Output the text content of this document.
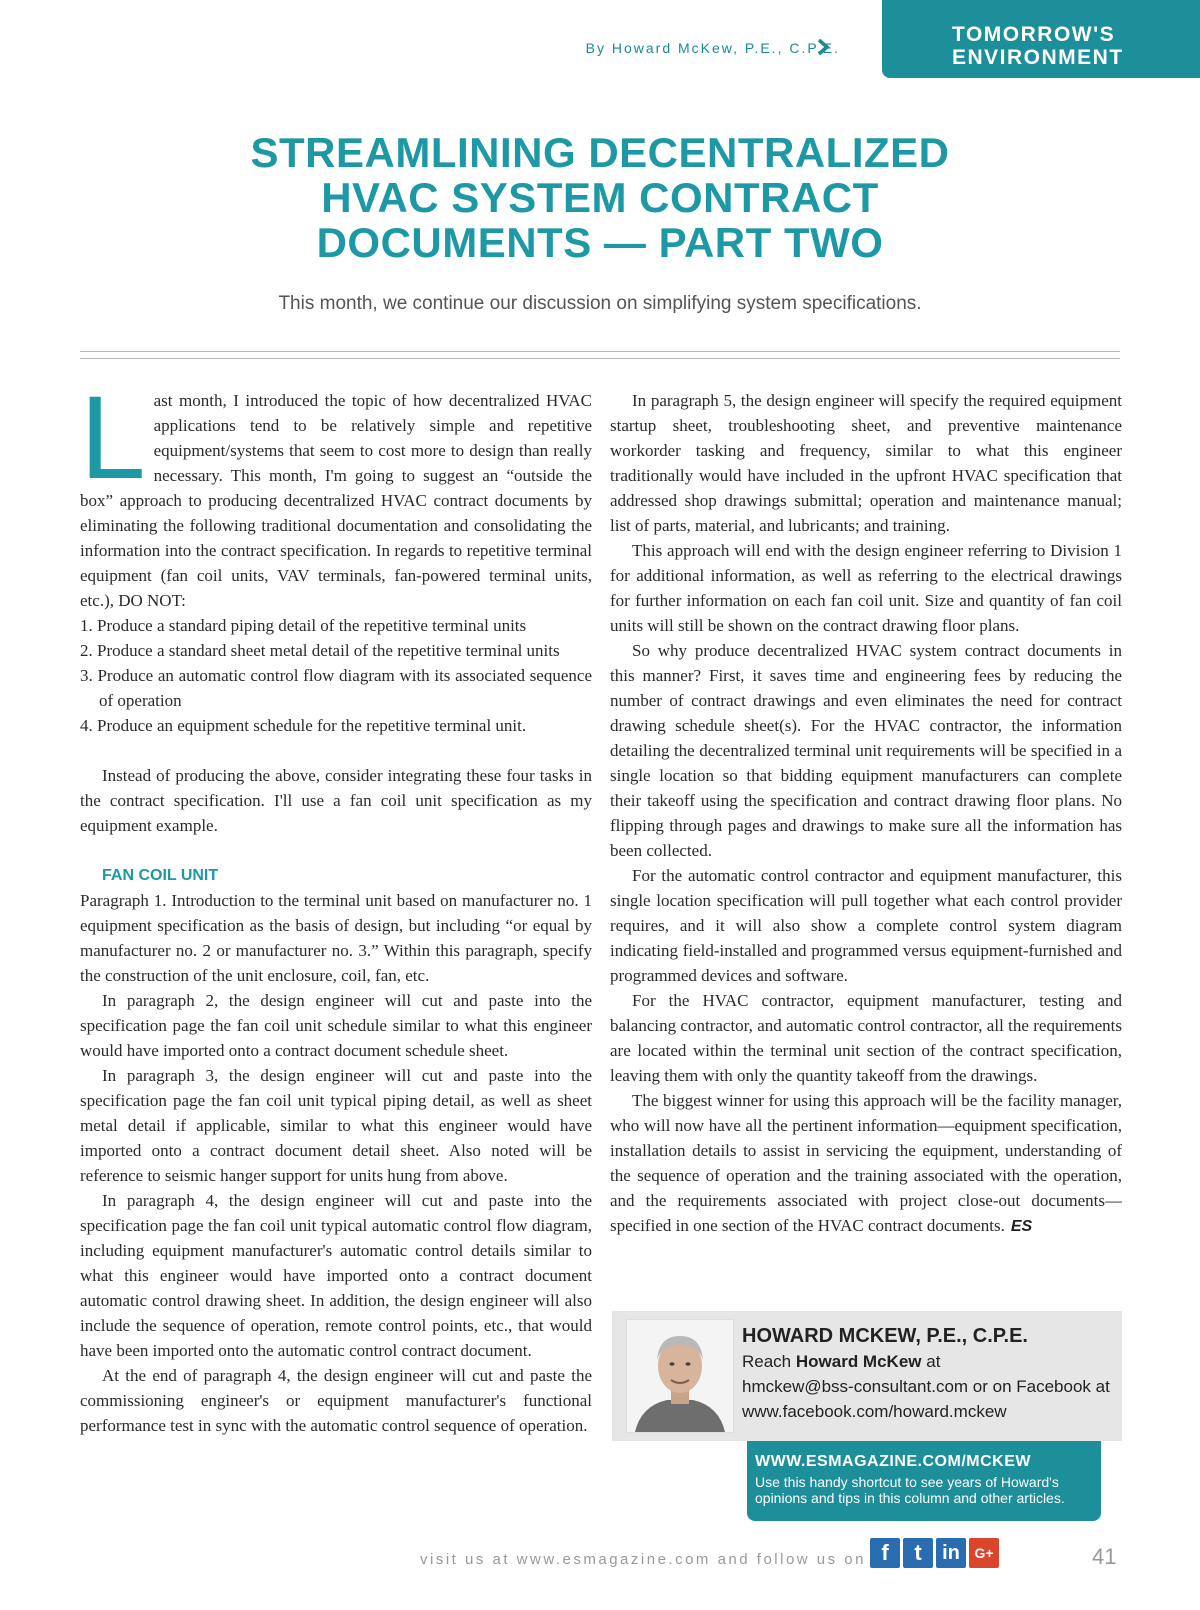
By Howard McKew, P.E., C.P.E.
TOMORROW'S
ENVIRONMENT
STREAMLINING DECENTRALIZED
HVAC SYSTEM CONTRACT
DOCUMENTS — PART TWO
This month, we continue our discussion on simplifying system specifications.

Last month, I introduced the topic of how decentralized HVAC applications tend to be relatively simple and repetitive equipment/systems that seem to cost more to design than really necessary. This month, I'm going to suggest an “outside the box” approach to producing decentralized HVAC contract documents by eliminating the following traditional documentation and consolidating the information into the contract specification. In regards to repetitive terminal equipment (fan coil units, VAV terminals, fan-powered terminal units, etc.), DO NOT:

1. Produce a standard piping detail of the repetitive terminal units
2. Produce a standard sheet metal detail of the repetitive terminal units
3. Produce an automatic control flow diagram with its associated sequence of operation
4. Produce an equipment schedule for the repetitive terminal unit.

Instead of producing the above, consider integrating these four tasks in the contract specification. I'll use a fan coil unit specification as my equipment example.

FAN COIL UNIT

Paragraph 1. Introduction to the terminal unit based on manufacturer no. 1 equipment specification as the basis of design, but including “or equal by manufacturer no. 2 or manufacturer no. 3.” Within this paragraph, specify the construction of the unit enclosure, coil, fan, etc.

In paragraph 2, the design engineer will cut and paste into the specification page the fan coil unit schedule similar to what this engineer would have imported onto a contract document schedule sheet.

In paragraph 3, the design engineer will cut and paste into the specification page the fan coil unit typical piping detail, as well as sheet metal detail if applicable, similar to what this engineer would have imported onto a contract document detail sheet. Also noted will be reference to seismic hanger support for units hung from above.

In paragraph 4, the design engineer will cut and paste into the specification page the fan coil unit typical automatic control flow diagram, including equipment manufacturer's automatic control details similar to what this engineer would have imported onto a contract document automatic control drawing sheet. In addition, the design engineer will also include the sequence of operation, remote control points, etc., that would have been imported onto the automatic control contract document.

At the end of paragraph 4, the design engineer will cut and paste the commissioning engineer's or equipment manufacturer's functional performance test in sync with the automatic control sequence of operation.

In paragraph 5, the design engineer will specify the required equipment startup sheet, troubleshooting sheet, and preventive maintenance workorder tasking and frequency, similar to what this engineer traditionally would have included in the upfront HVAC specification that addressed shop drawings submittal; operation and maintenance manual; list of parts, material, and lubricants; and training.

This approach will end with the design engineer referring to Division 1 for additional information, as well as referring to the electrical drawings for further information on each fan coil unit. Size and quantity of fan coil units will still be shown on the contract drawing floor plans.

So why produce decentralized HVAC system contract documents in this manner? First, it saves time and engineering fees by reducing the number of contract drawings and even eliminates the need for contract drawing schedule sheet(s). For the HVAC contractor, the information detailing the decentralized terminal unit requirements will be specified in a single location so that bidding equipment manufacturers can complete their takeoff using the specification and contract drawing floor plans. No flipping through pages and drawings to make sure all the information has been collected.

For the automatic control contractor and equipment manufacturer, this single location specification will pull together what each control provider requires, and it will also show a complete control system diagram indicating field-installed and programmed versus equipment-furnished and programmed devices and software.

For the HVAC contractor, equipment manufacturer, testing and balancing contractor, and automatic control contractor, all the requirements are located within the terminal unit section of the contract specification, leaving them with only the quantity takeoff from the drawings.

The biggest winner for using this approach will be the facility manager, who will now have all the pertinent information—equipment specification, installation details to assist in servicing the equipment, understanding of the sequence of operation and the training associated with the operation, and the requirements associated with project close-out documents—specified in one section of the HVAC contract documents. ES

HOWARD MCKEW, P.E., C.P.E.
Reach Howard McKew at
hmckew@bss-consultant.com or on Facebook at
www.facebook.com/howard.mckew
WWW.ESMAGAZINE.COM/MCKEW
Use this handy shortcut to see years of Howard's opinions and tips in this column and other articles.
visit us at www.esmagazine.com and follow us on f	t	in	G+	41
